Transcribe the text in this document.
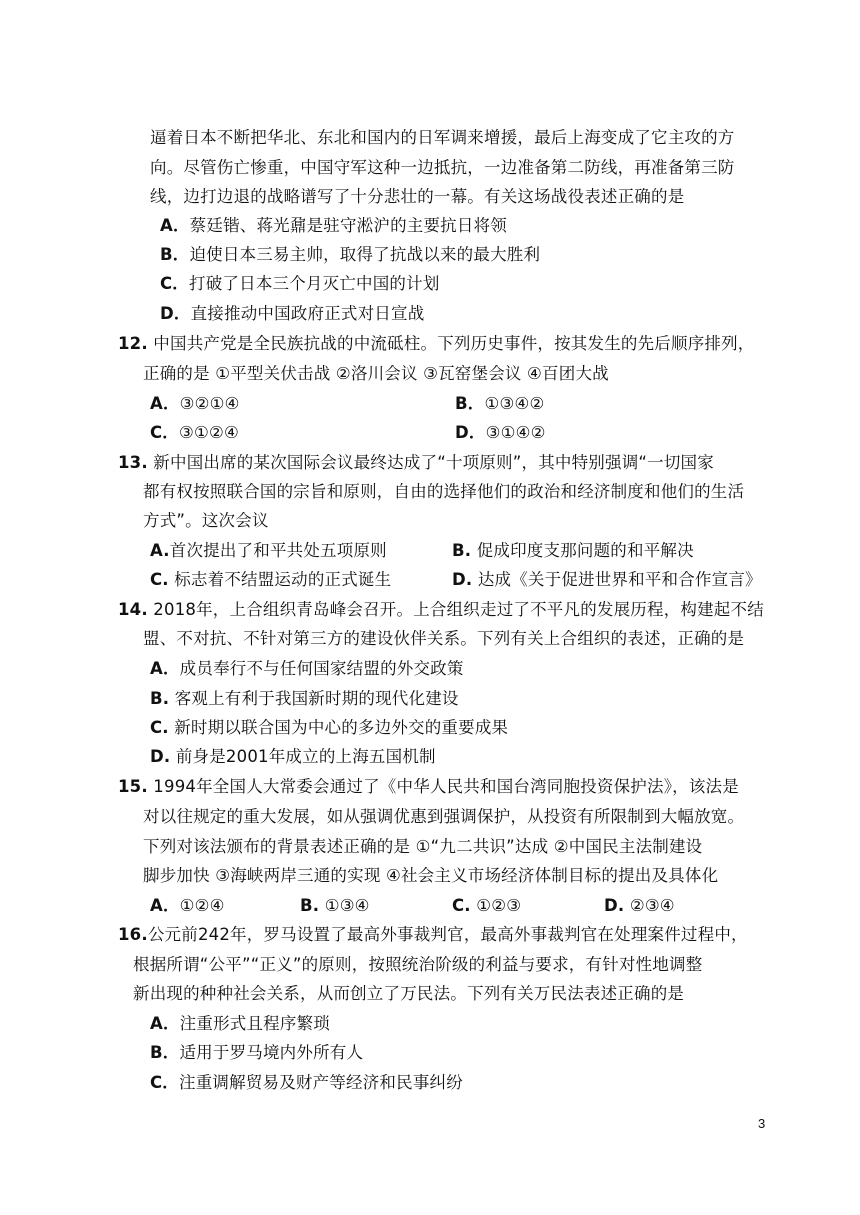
逼着日本不断把华北、东北和国内的日军调来增援，最后上海变成了它主攻的方
向。尽管伤亡惨重，中国守军这种一边抵抗，一边准备第二防线，再准备第三防
线，边打边退的战略谱写了十分悲壮的一幕。有关这场战役表述正确的是
A．蔡廷锴、蒋光鼐是驻守淞沪的主要抗日将领
B．迫使日本三易主帅，取得了抗战以来的最大胜利
C．打破了日本三个月灭亡中国的计划
D．直接推动中国政府正式对日宣战
12. 中国共产党是全民族抗战的中流砥柱。下列历史事件，按其发生的先后顺序排列，
正确的是 ①平型关伏击战 ②洛川会议 ③瓦窑堡会议 ④百团大战
A．③②①④	B．①③④②
C．③①②④	D．③①④②
13. 新中国出席的某次国际会议最终达成了“十项原则”，其中特别强调“一切国家
都有权按照联合国的宗旨和原则，自由的选择他们的政治和经济制度和他们的生活
方式”。这次会议
A.首次提出了和平共处五项原则	B. 促成印度支那问题的和平解决
C. 标志着不结盟运动的正式诞生	D. 达成《关于促进世界和平和合作宣言》
14. 2018年，上合组织青岛峰会召开。上合组织走过了不平凡的发展历程，构建起不结
盟、不对抗、不针对第三方的建设伙伴关系。下列有关上合组织的表述，正确的是
A．成员奉行不与任何国家结盟的外交政策
B. 客观上有利于我国新时期的现代化建设
C. 新时期以联合国为中心的多边外交的重要成果
D. 前身是2001年成立的上海五国机制
15. 1994年全国人大常委会通过了《中华人民共和国台湾同胞投资保护法》，该法是
对以往规定的重大发展，如从强调优惠到强调保护，从投资有所限制到大幅放宽。
下列对该法颁布的背景表述正确的是 ①“九二共识”达成 ②中国民主法制建设
脚步加快 ③海峡两岸三通的实现 ④社会主义市场经济体制目标的提出及具体化
A．①②④	B. ①③④	C. ①②③	D. ②③④
16.公元前242年，罗马设置了最高外事裁判官，最高外事裁判官在处理案件过程中，
根据所谓“公平”“正义”的原则，按照统治阶级的利益与要求，有针对性地调整
新出现的种种社会关系，从而创立了万民法。下列有关万民法表述正确的是
A．注重形式且程序繁琐
B．适用于罗马境内外所有人
C．注重调解贸易及财产等经济和民事纠纷
3
